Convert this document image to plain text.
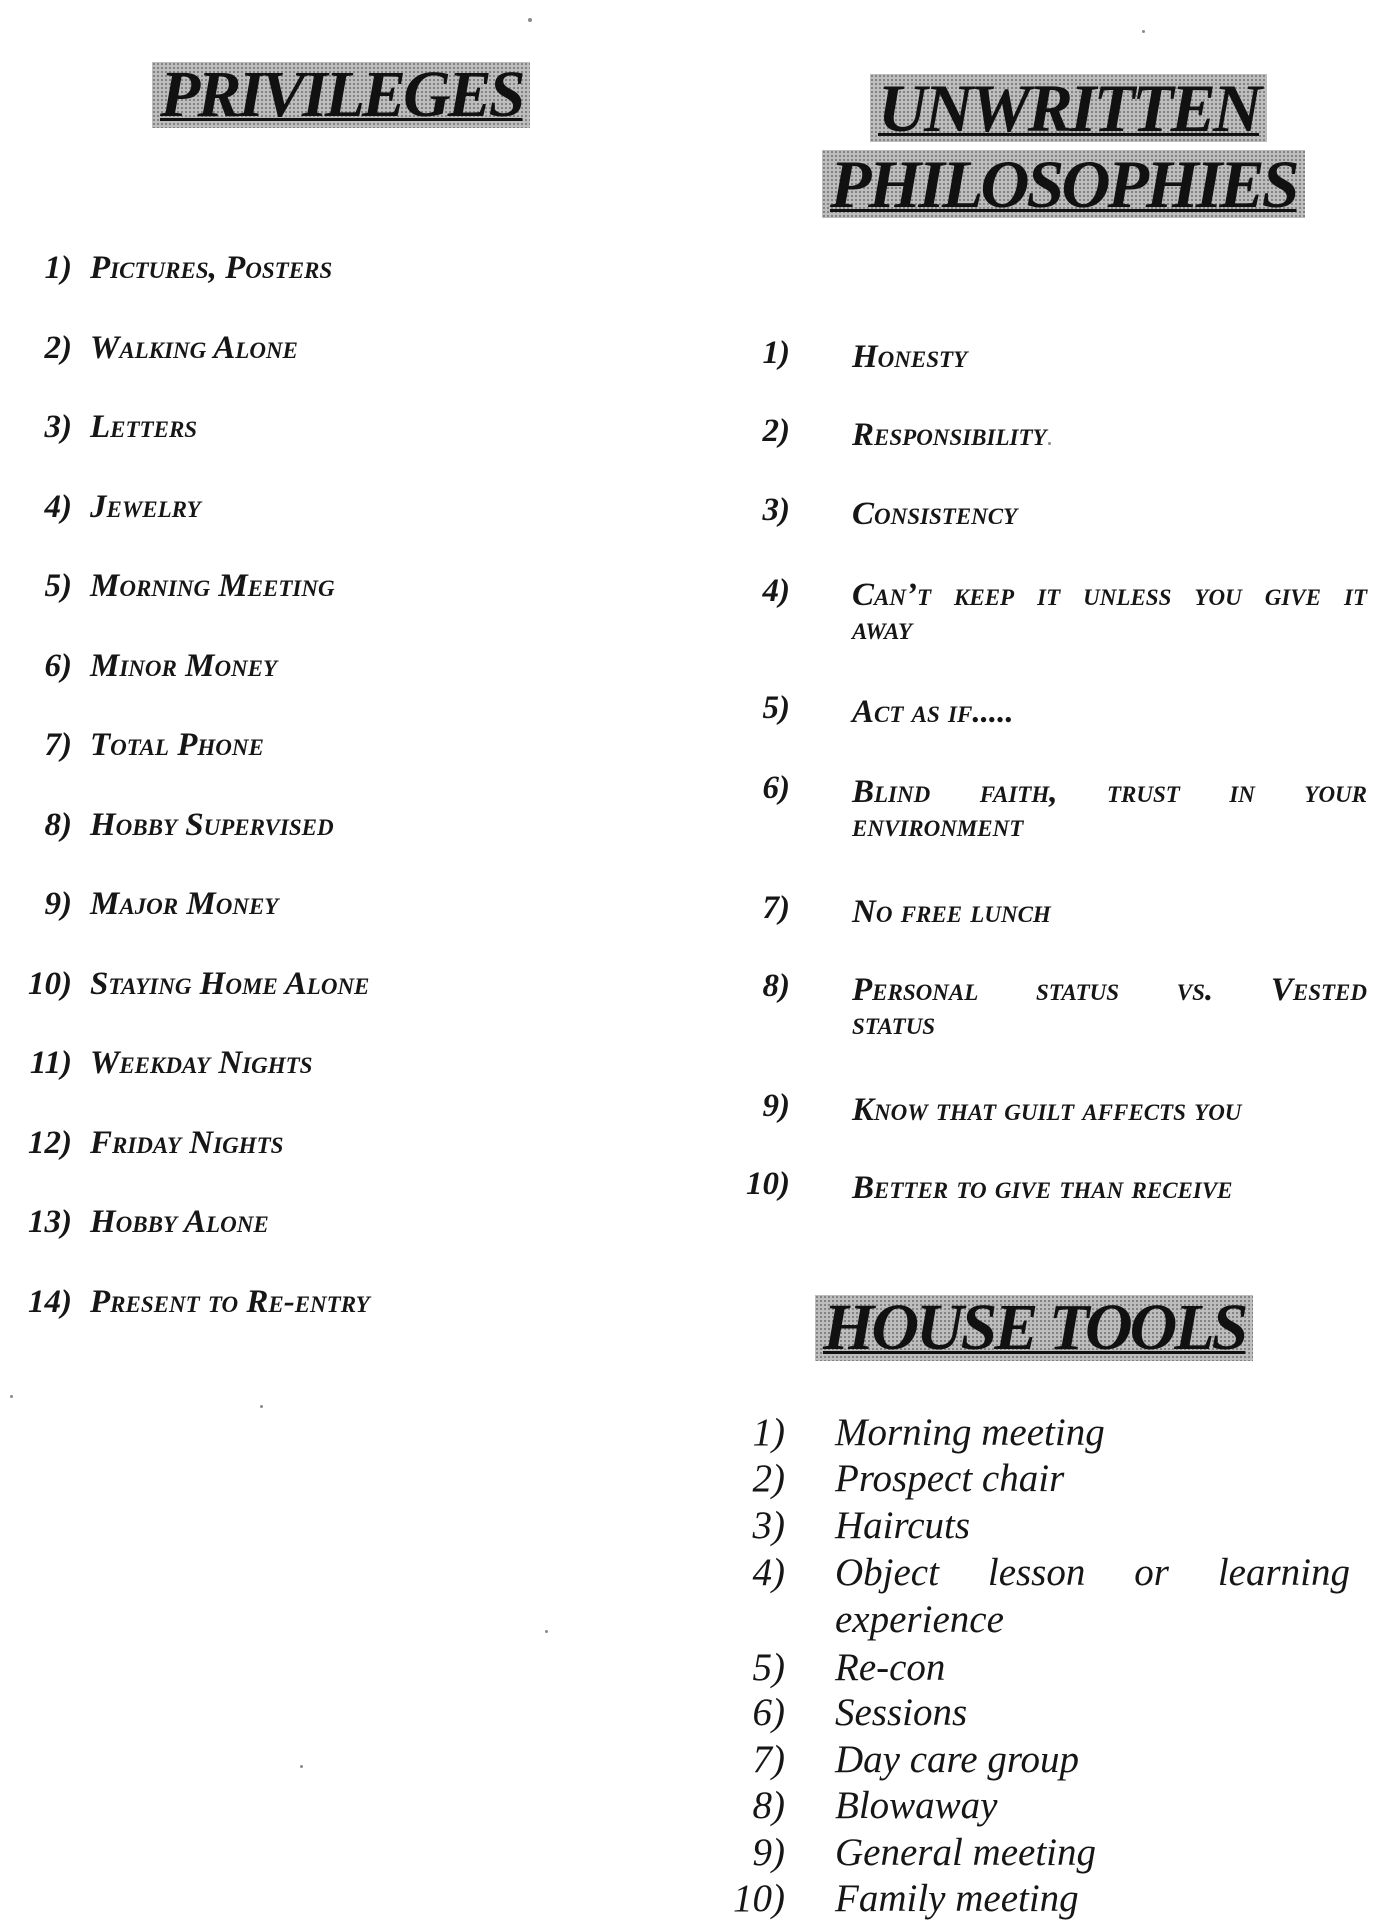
PRIVILEGES	UNWRITTEN
PHILOSOPHIES
HOUSE TOOLS
1) Pictures, Posters
2) Walking Alone
3) Letters
4) Jewelry
5) Morning Meeting
6) Minor Money
7) Total Phone
8) Hobby Supervised
9) Major Money
10) Staying Home Alone
11) Weekday Nights
12) Friday Nights
13) Hobby Alone
14) Present to Re-entry
1) Honesty
2) Responsibility
3) Consistency
4) Can’t keep it unless you give it
away
5) Act as if.....
6) Blind faith, trust in your
environment
7) No free lunch
8) Personal status vs. Vested
status
9) Know that guilt affects you
10) Better to give than receive
1) Morning meeting
2) Prospect chair
3) Haircuts
4) Object lesson or learning
experience
5) Re-con
6) Sessions
7) Day care group
8) Blowaway
9) General meeting
10) Family meeting
